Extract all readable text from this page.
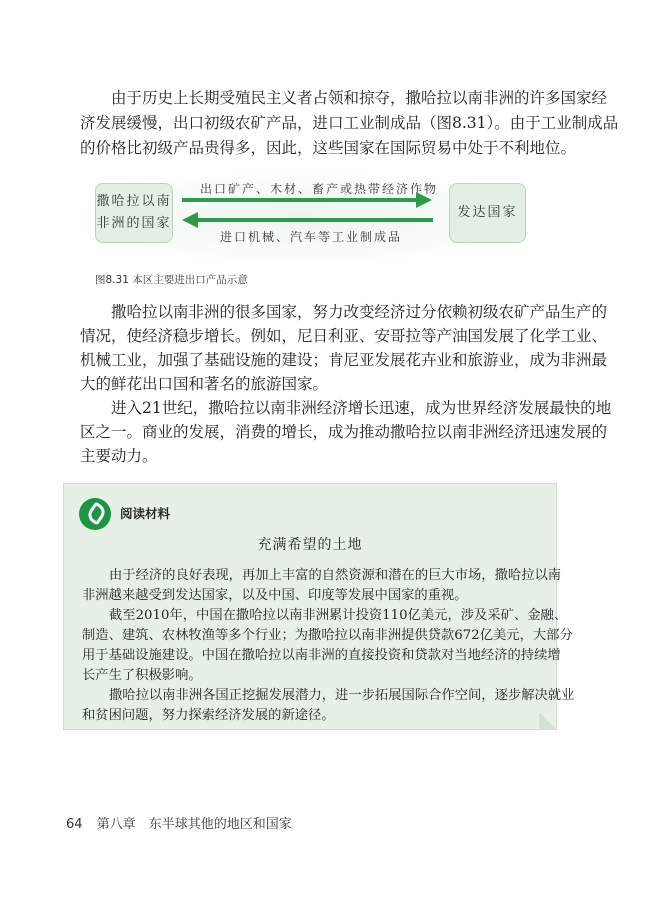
由于历史上长期受殖民主义者占领和掠夺，撒哈拉以南非洲的许多国家经
济发展缓慢，出口初级农矿产品，进口工业制成品（图8.31）。由于工业制成品
的价格比初级产品贵得多，因此，这些国家在国际贸易中处于不利地位。
撒哈拉以南
非洲的国家
发达国家
出口矿产、木材、畜产或热带经济作物
进口机械、汽车等工业制成品
图8.31 本区主要进出口产品示意
撒哈拉以南非洲的很多国家，努力改变经济过分依赖初级农矿产品生产的
情况，使经济稳步增长。例如，尼日利亚、安哥拉等产油国发展了化学工业、
机械工业，加强了基础设施的建设；肯尼亚发展花卉业和旅游业，成为非洲最
大的鲜花出口国和著名的旅游国家。
进入21世纪，撒哈拉以南非洲经济增长迅速，成为世界经济发展最快的地
区之一。商业的发展，消费的增长，成为推动撒哈拉以南非洲经济迅速发展的
主要动力。
阅读材料
充满希望的土地
由于经济的良好表现，再加上丰富的自然资源和潜在的巨大市场，撒哈拉以南
非洲越来越受到发达国家，以及中国、印度等发展中国家的重视。
截至2010年，中国在撒哈拉以南非洲累计投资110亿美元，涉及采矿、金融、
制造、建筑、农林牧渔等多个行业；为撒哈拉以南非洲提供贷款672亿美元，大部分
用于基础设施建设。中国在撒哈拉以南非洲的直接投资和贷款对当地经济的持续增
长产生了积极影响。
撒哈拉以南非洲各国正挖掘发展潜力，进一步拓展国际合作空间，逐步解决就业
和贫困问题，努力探索经济发展的新途径。
64 第八章　东半球其他的地区和国家
